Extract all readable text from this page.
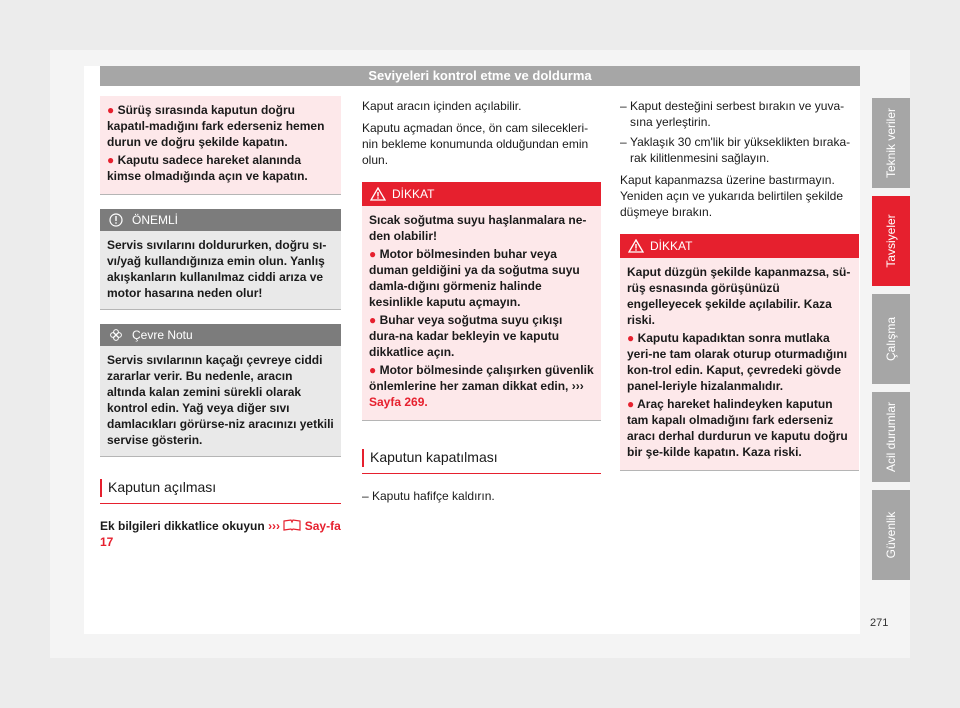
Seviyeleri kontrol etme ve doldurma
Teknik veriler
Tavsiyeler
Çalışma
Acil durumlar
Güvenlik
271

● Sürüş sırasında kaputun doğru kapatıl-madığını fark ederseniz hemen durun ve doğru şekilde kapatın.

● Kaputu sadece hareket alanında kimse olmadığında açın ve kapatın.

ÖNEMLİ
Servis sıvılarını doldururken, doğru sı-vı/yağ kullandığınıza emin olun. Yanlış akışkanların kullanılmaz ciddi arıza ve motor hasarına neden olur!
Çevre Notu
Servis sıvılarının kaçağı çevreye ciddi zararlar verir. Bu nedenle, aracın altında kalan zemini sürekli olarak kontrol edin. Yağ veya diğer sıvı damlacıkları görürse-niz aracınızı yetkili servise gösterin.
Kaputun açılması

Ek bilgileri dikkatlice okuyun ››› Say-fa 17

Kaput aracın içinden açılabilir.

Kaputu açmadan önce, ön cam silecekleri-nin bekleme konumunda olduğundan emin olun.

DİKKAT

Sıcak soğutma suyu haşlanmalara ne-den olabilir!

● Motor bölmesinden buhar veya duman geldiğini ya da soğutma suyu damla-dığını görmeniz halinde kesinlikle kaputu açmayın.

● Buhar veya soğutma suyu çıkışı dura-na kadar bekleyin ve kaputu dikkatlice açın.

● Motor bölmesinde çalışırken güvenlik önlemlerine her zaman dikkat edin, ››› Sayfa 269.

Kaputun kapatılması

– Kaputu hafifçe kaldırın.

– Kaput desteğini serbest bırakın ve yuva-sına yerleştirin.

– Yaklaşık 30 cm'lik bir yükseklikten bıraka-rak kilitlenmesini sağlayın.

Kaput kapanmazsa üzerine bastırmayın. Yeniden açın ve yukarıda belirtilen şekilde düşmeye bırakın.

DİKKAT

Kaput düzgün şekilde kapanmazsa, sü-rüş esnasında görüşünüzü engelleyecek şekilde açılabilir. Kaza riski.

● Kaputu kapadıktan sonra mutlaka yeri-ne tam olarak oturup oturmadığını kon-trol edin. Kaput, çevredeki gövde panel-leriyle hizalanmalıdır.

● Araç hareket halindeyken kaputun tam kapalı olmadığını fark ederseniz aracı derhal durdurun ve kaputu doğru bir şe-kilde kapatın. Kaza riski.
